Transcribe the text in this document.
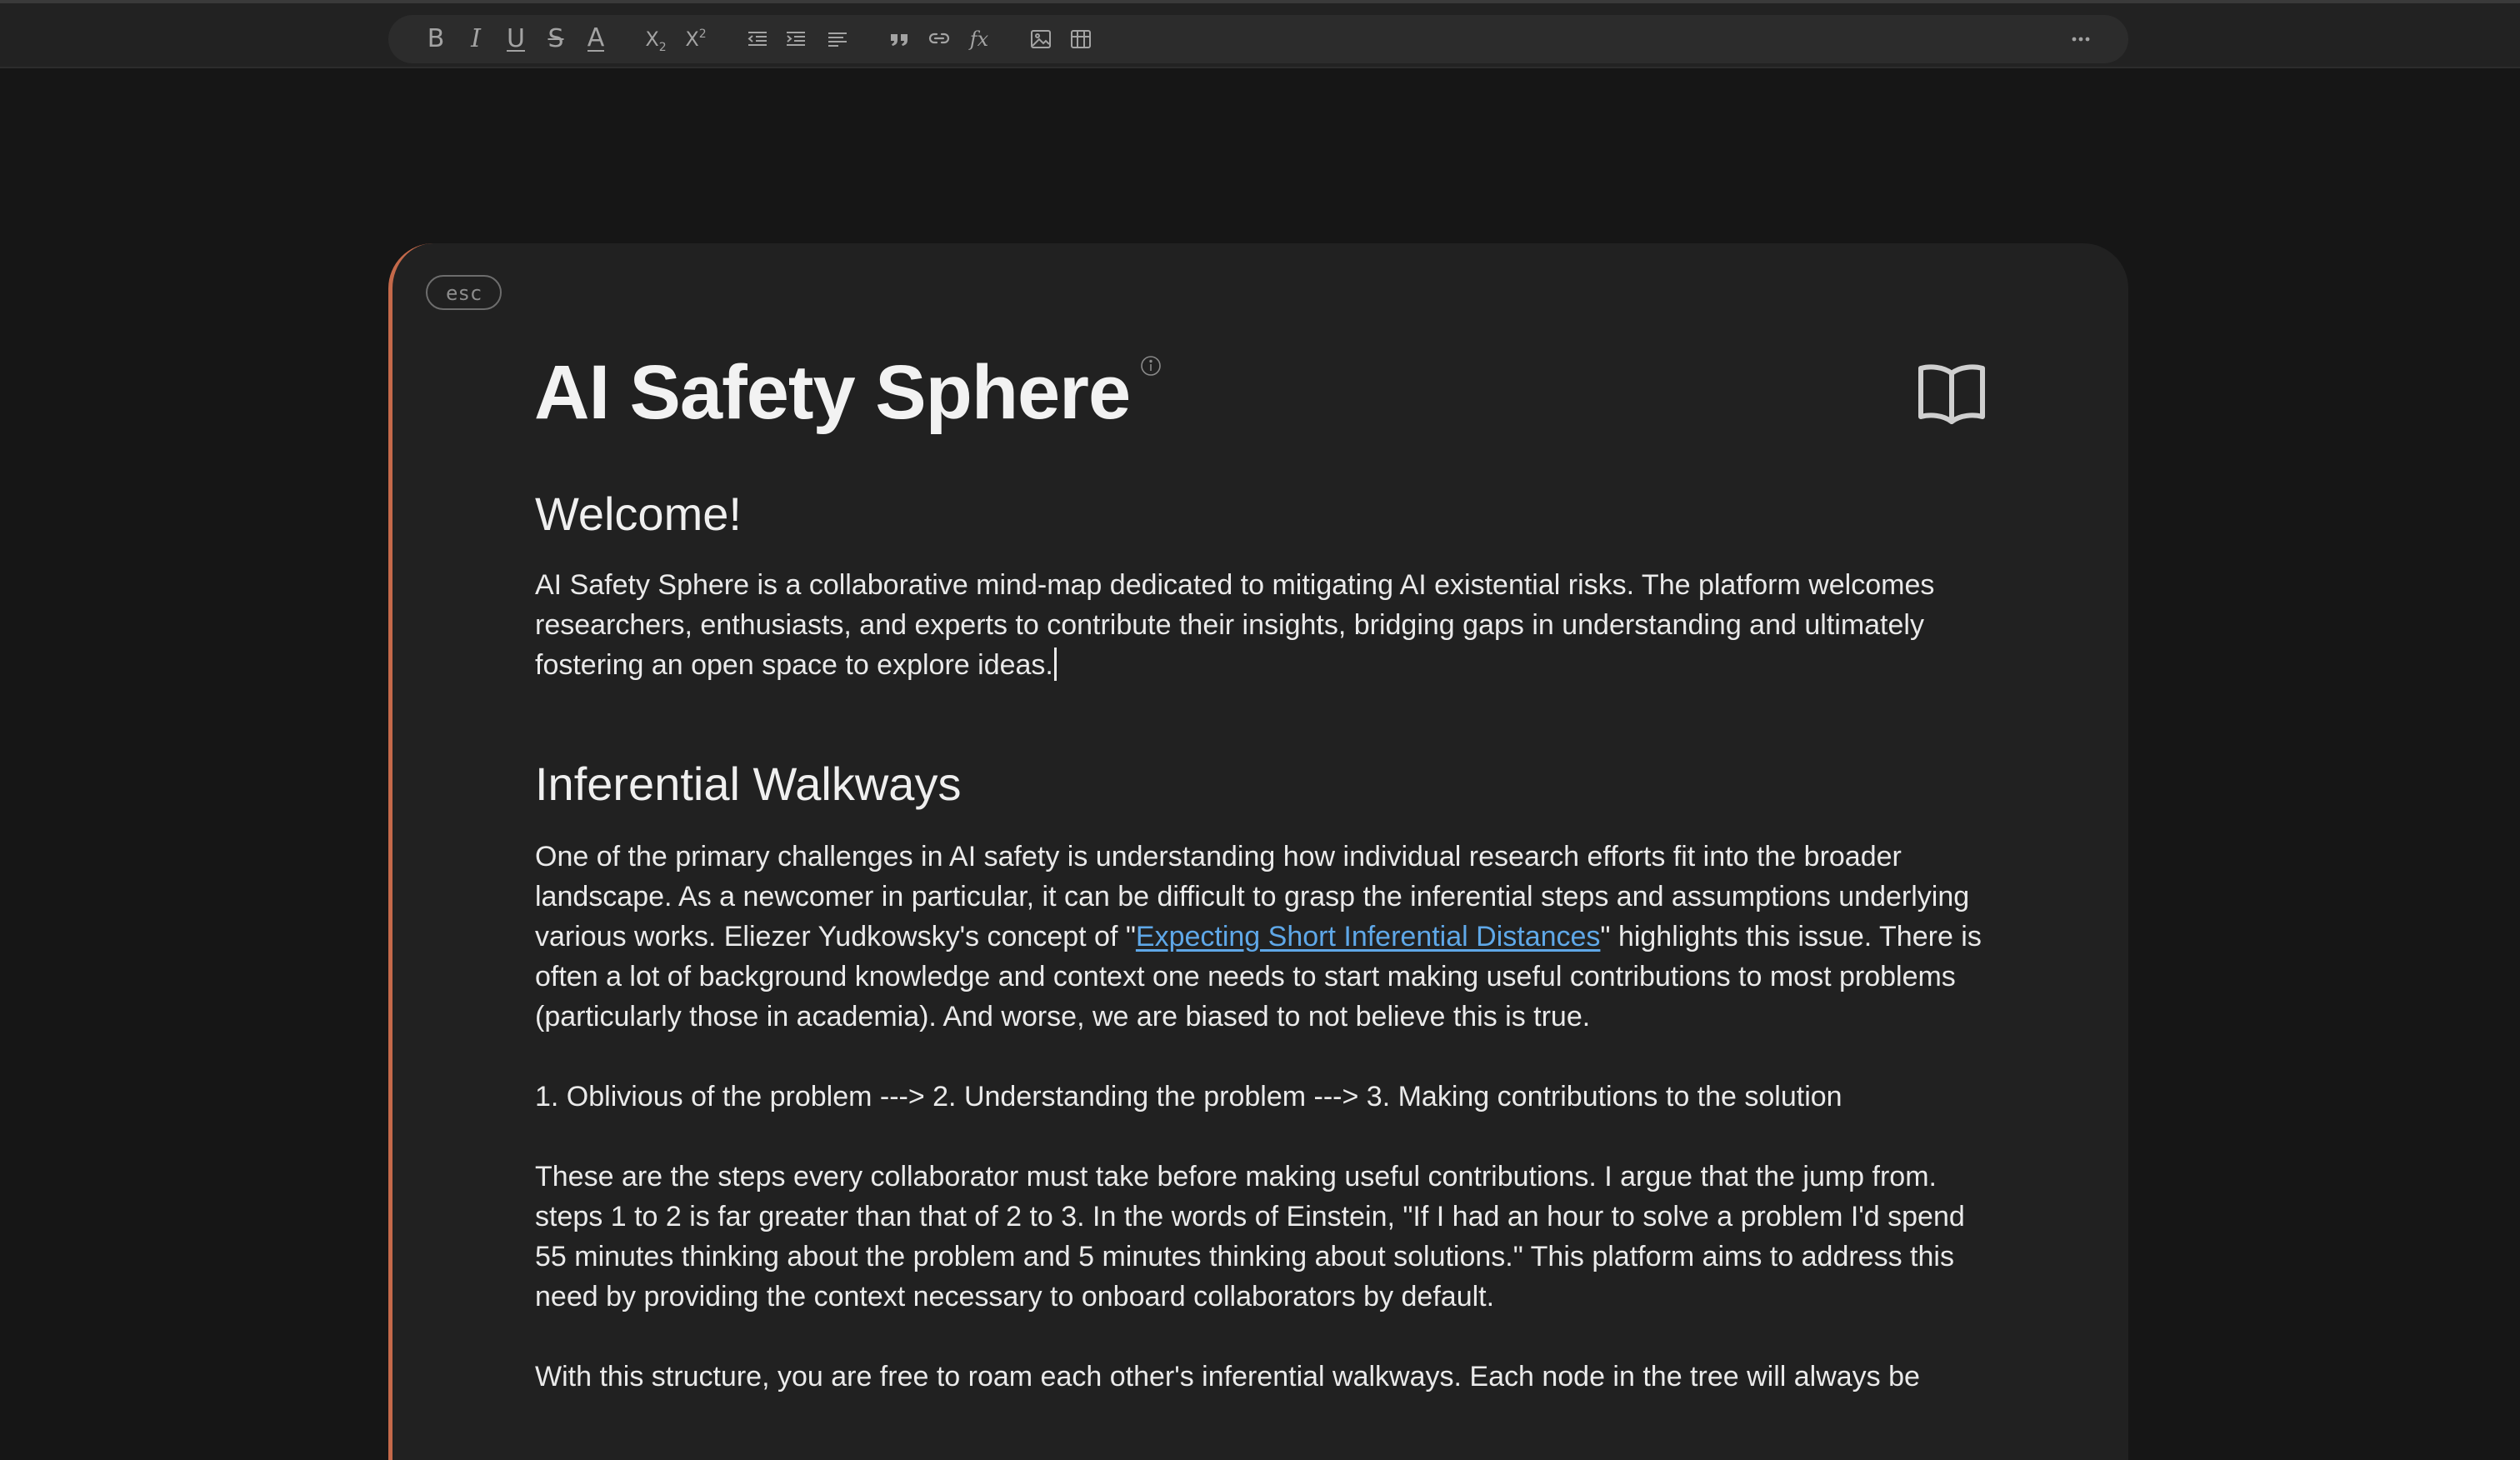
B I U S A $X_2$ $X^2$	fx
esc
AI Safety Sphere
Welcome!

AI Safety Sphere is a collaborative mind-map dedicated to mitigating AI existential risks. The platform welcomes researchers, enthusiasts, and experts to contribute their insights, bridging gaps in understanding and ultimately fostering an open space to explore ideas.

Inferential Walkways

One of the primary challenges in AI safety is understanding how individual research efforts fit into the broader landscape. As a newcomer in particular, it can be difficult to grasp the inferential steps and assumptions underlying various works. Eliezer Yudkowsky's concept of "Expecting Short Inferential Distances" highlights this issue. There is often a lot of background knowledge and context one needs to start making useful contributions to most problems (particularly those in academia). And worse, we are biased to not believe this is true.

1. Oblivious of the problem ---> 2. Understanding the problem ---> 3. Making contributions to the solution

These are the steps every collaborator must take before making useful contributions. I argue that the jump from. steps 1 to 2 is far greater than that of 2 to 3. In the words of Einstein, "If I had an hour to solve a problem I'd spend 55 minutes thinking about the problem and 5 minutes thinking about solutions." This platform aims to address this need by providing the context necessary to onboard collaborators by default.

With this structure, you are free to roam each other's inferential walkways. Each node in the tree will always be
